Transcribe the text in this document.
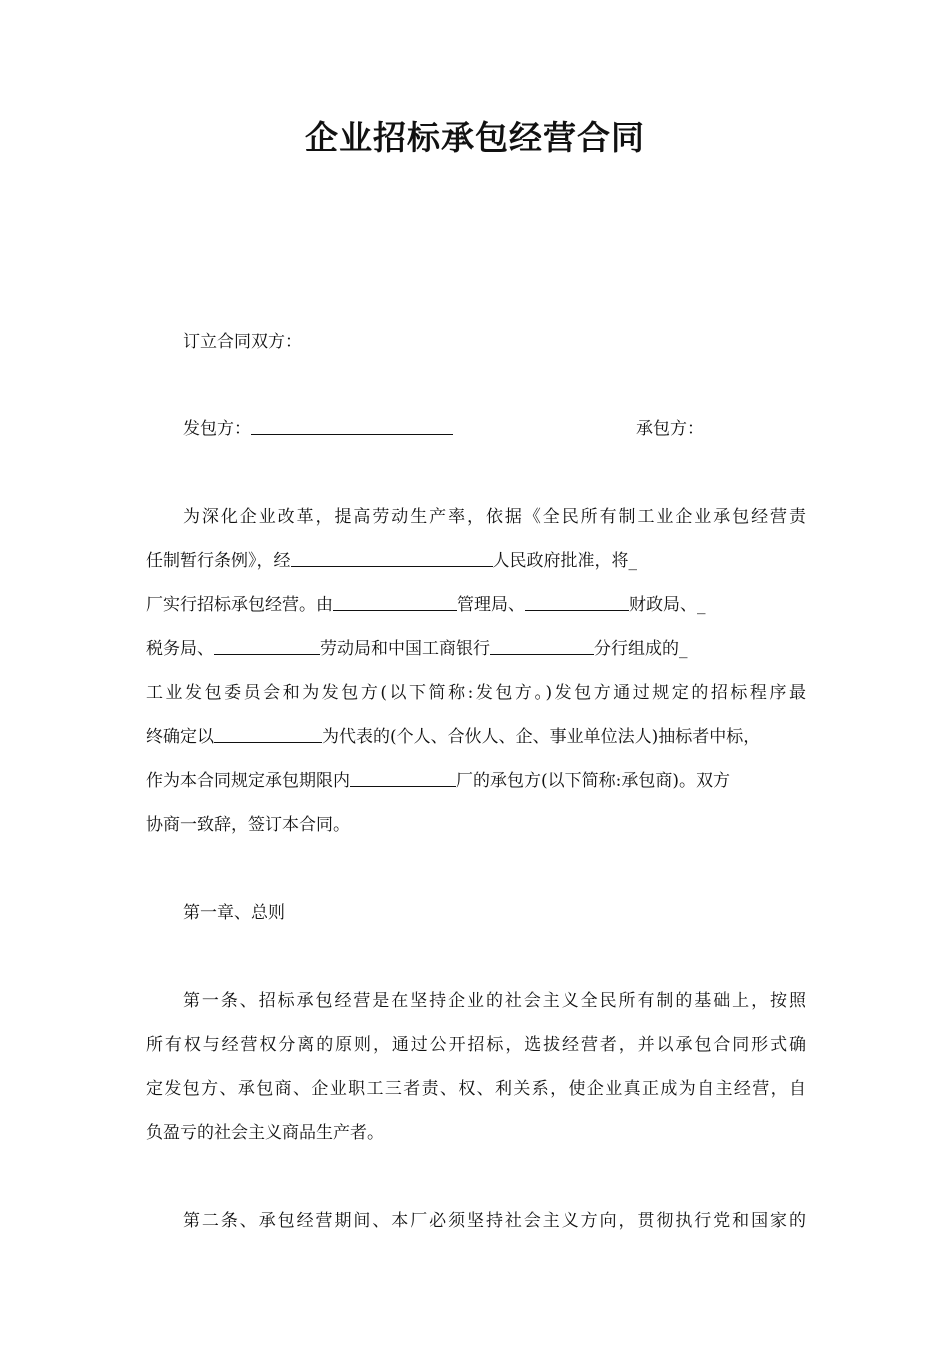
企业招标承包经营合同
订立合同双方：
发包方：	承包方：
为深化企业改革，提高劳动生产率，依据《全民所有制工业企业承包经营责
任制暂行条例》，经	人民政府批准，将_
厂实行招标承包经营。由	管理局、	财政局、_
税务局、	劳动局和中国工商银行	分行组成的_
工业发包委员会和为发包方(以下简称:发包方。)发包方通过规定的招标程序最
终确定以	为代表的(个人、合伙人、企、事业单位法人)抽标者中标，
作为本合同规定承包期限内	厂的承包方(以下简称:承包商)。双方
协商一致辞，签订本合同。
第一章、总则
第一条、招标承包经营是在坚持企业的社会主义全民所有制的基础上，按照
所有权与经营权分离的原则，通过公开招标，选拔经营者，并以承包合同形式确
定发包方、承包商、企业职工三者责、权、利关系，使企业真正成为自主经营，自
负盈亏的社会主义商品生产者。
第二条、承包经营期间、本厂必须坚持社会主义方向，贯彻执行党和国家的
